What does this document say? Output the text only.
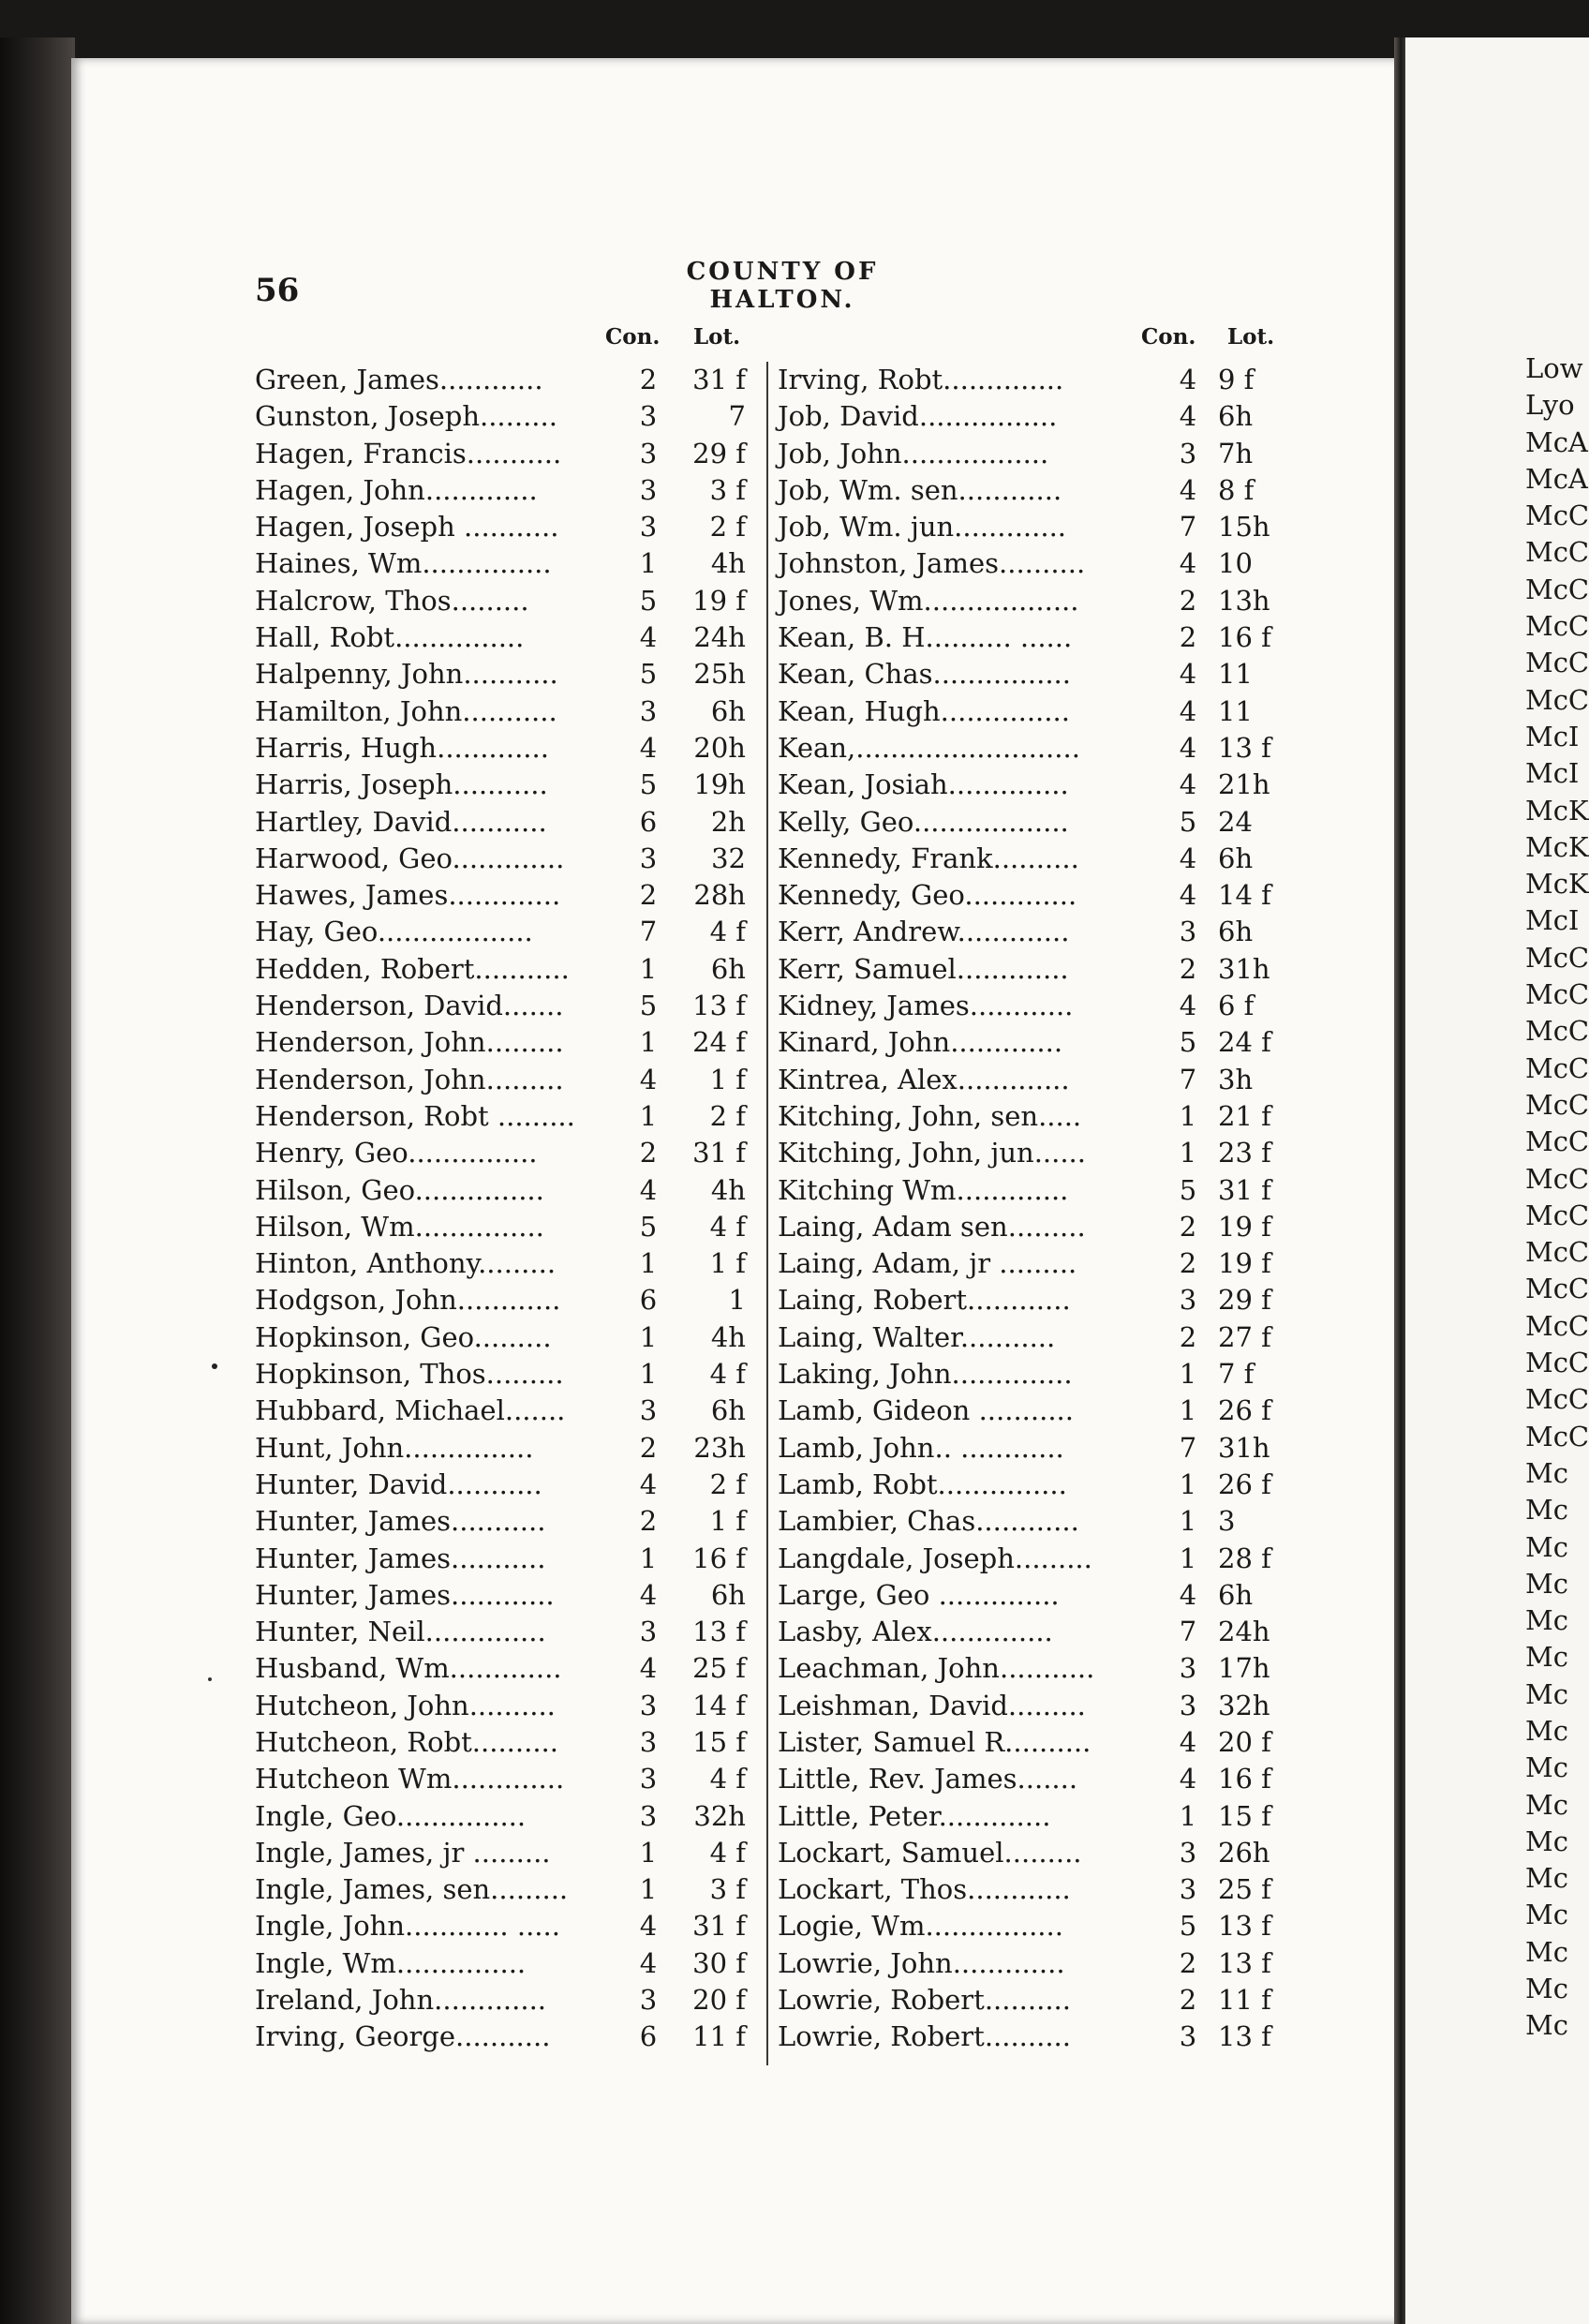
56	COUNTY OF HALTON.
Con. Lot.	Con. Lot.
Green, James............	2	31 f
Gunston, Joseph.........	3	7
Hagen, Francis...........	3	29 f
Hagen, John.............	3	3 f
Hagen, Joseph ...........	3	2 f
Haines, Wm...............	1	4h
Halcrow, Thos.........	5	19 f
Hall, Robt...............	4	24h
Halpenny, John...........	5	25h
Hamilton, John...........	3	6h
Harris, Hugh.............	4	20h
Harris, Joseph...........	5	19h
Hartley, David...........	6	2h
Harwood, Geo.............	3	32
Hawes, James.............	2	28h
Hay, Geo..................	7	4 f
Hedden, Robert...........	1	6h
Henderson, David.......	5	13 f
Henderson, John.........	1	24 f
Henderson, John.........	4	1 f
Henderson, Robt .........	1	2 f
Henry, Geo...............	2	31 f
Hilson, Geo...............	4	4h
Hilson, Wm...............	5	4 f
Hinton, Anthony.........	1	1 f
Hodgson, John............	6	1
Hopkinson, Geo.........	1	4h
Hopkinson, Thos.........	1	4 f
Hubbard, Michael.......	3	6h
Hunt, John...............	2	23h
Hunter, David...........	4	2 f
Hunter, James...........	2	1 f
Hunter, James...........	1	16 f
Hunter, James............	4	6h
Hunter, Neil..............	3	13 f
Husband, Wm.............	4	25 f
Hutcheon, John..........	3	14 f
Hutcheon, Robt..........	3	15 f
Hutcheon Wm.............	3	4 f
Ingle, Geo...............	3	32h
Ingle, James, jr .........	1	4 f
Ingle, James, sen.........	1	3 f
Ingle, John............ .....	4	31 f
Ingle, Wm...............	4	30 f
Ireland, John.............	3	20 f
Irving, George...........	6	11 f
Irving, Robt..............	4 9 f
Job, David................	4 6h
Job, John.................	3 7h
Job, Wm. sen............	4 8 f
Job, Wm. jun.............	7 15h
Johnston, James..........	4 10
Jones, Wm..................	2 13h
Kean, B. H.......... ......	2 16 f
Kean, Chas................	4 11
Kean, Hugh...............	4 11
Kean,..........................	4 13 f
Kean, Josiah..............	4 21h
Kelly, Geo..................	5 24
Kennedy, Frank..........	4 6h
Kennedy, Geo.............	4 14 f
Kerr, Andrew.............	3 6h
Kerr, Samuel.............	2 31h
Kidney, James............	4 6 f
Kinard, John.............	5 24 f
Kintrea, Alex.............	7 3h
Kitching, John, sen.....	1 21 f
Kitching, John, jun......	1 23 f
Kitching Wm.............	5 31 f
Laing, Adam sen.........	2 19 f
Laing, Adam, jr .........	2 19 f
Laing, Robert............	3 29 f
Laing, Walter...........	2 27 f
Laking, John..............	1 7 f
Lamb, Gideon ...........	1 26 f
Lamb, John.. ............	7 31h
Lamb, Robt...............	1 26 f
Lambier, Chas............	1 3
Langdale, Joseph.........	1 28 f
Large, Geo ..............	4 6h
Lasby, Alex..............	7 24h
Leachman, John...........	3 17h
Leishman, David.........	3 32h
Lister, Samuel R..........	4 20 f
Little, Rev. James.......	4 16 f
Little, Peter.............	1 15 f
Lockart, Samuel.........	3 26h
Lockart, Thos............	3 25 f
Logie, Wm................	5 13 f
Lowrie, John.............	2 13 f
Lowrie, Robert..........	2 11 f
Lowrie, Robert..........	3 13 f
Low
Lyo
McA
McA
McC
McC
McC
McC
McC
McC
McI
McI
McK
McK
McK
McI
McC
McC
McC
McC
McC
McC
McC
McC
McC
McC
McC
McC
McC
McC
Mc
Mc
Mc
Mc
Mc
Mc
Mc
Mc
Mc
Mc
Mc
Mc
Mc
Mc
Mc
Mc
